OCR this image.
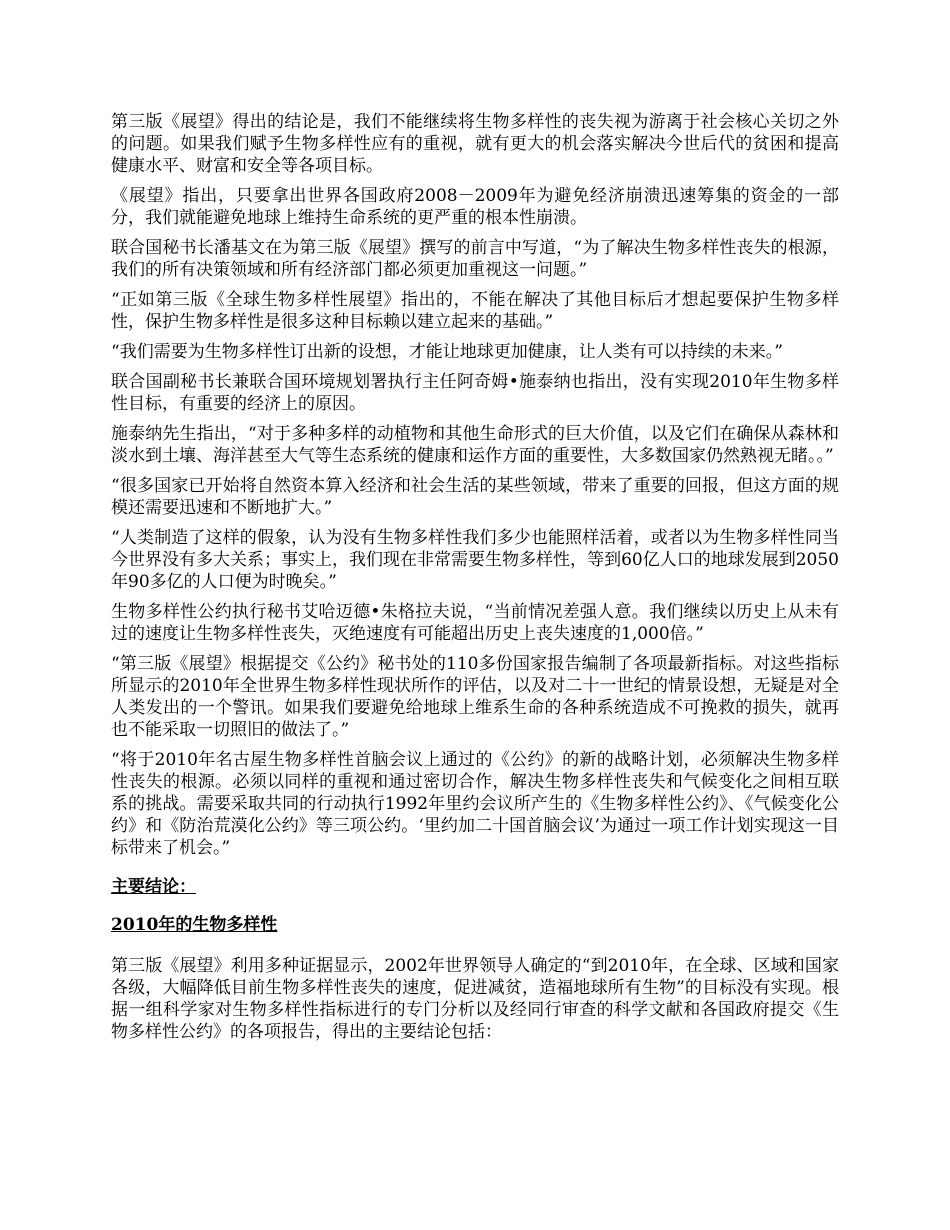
第三版《展望》得出的结论是，我们不能继续将生物多样性的丧失视为游离于社会核心关切之外的问题。如果我们赋予生物多样性应有的重视，就有更大的机会落实解决今世后代的贫困和提高健康水平、财富和安全等各项目标。

《展望》指出，只要拿出世界各国政府2008－2009年为避免经济崩溃迅速筹集的资金的一部分，我们就能避免地球上维持生命系统的更严重的根本性崩溃。

联合国秘书长潘基文在为第三版《展望》撰写的前言中写道，“为了解决生物多样性丧失的根源，我们的所有决策领域和所有经济部门都必须更加重视这一问题。”

“正如第三版《全球生物多样性展望》指出的，不能在解决了其他目标后才想起要保护生物多样性，保护生物多样性是很多这种目标赖以建立起来的基础。”

“我们需要为生物多样性订出新的设想，才能让地球更加健康，让人类有可以持续的未来。”

联合国副秘书长兼联合国环境规划署执行主任阿奇姆•施泰纳也指出，没有实现2010年生物多样性目标，有重要的经济上的原因。

施泰纳先生指出，“对于多种多样的动植物和其他生命形式的巨大价值，以及它们在确保从森林和淡水到土壤、海洋甚至大气等生态系统的健康和运作方面的重要性，大多数国家仍然熟视无睹。。”

“很多国家已开始将自然资本算入经济和社会生活的某些领域，带来了重要的回报，但这方面的规模还需要迅速和不断地扩大。”

“人类制造了这样的假象，认为没有生物多样性我们多少也能照样活着，或者以为生物多样性同当今世界没有多大关系；事实上，我们现在非常需要生物多样性，等到60亿人口的地球发展到2050年90多亿的人口便为时晚矣。”

生物多样性公约执行秘书艾哈迈德•朱格拉夫说，“当前情况差强人意。我们继续以历史上从未有过的速度让生物多样性丧失，灭绝速度有可能超出历史上丧失速度的1,000倍。”

“第三版《展望》根据提交《公约》秘书处的110多份国家报告编制了各项最新指标。对这些指标所显示的2010年全世界生物多样性现状所作的评估，以及对二十一世纪的情景设想，无疑是对全人类发出的一个警讯。如果我们要避免给地球上维系生命的各种系统造成不可挽救的损失，就再也不能采取一切照旧的做法了。”

“将于2010年名古屋生物多样性首脑会议上通过的《公约》的新的战略计划，必须解决生物多样性丧失的根源。必须以同样的重视和通过密切合作，解决生物多样性丧失和气候变化之间相互联系的挑战。需要采取共同的行动执行1992年里约会议所产生的《生物多样性公约》、《气候变化公约》和《防治荒漠化公约》等三项公约。‘里约加二十国首脑会议’为通过一项工作计划实现这一目标带来了机会。”

主要结论：

2010年的生物多样性

第三版《展望》利用多种证据显示，2002年世界领导人确定的“到2010年，在全球、区域和国家各级，大幅降低目前生物多样性丧失的速度，促进减贫，造福地球所有生物”的目标没有实现。根据一组科学家对生物多样性指标进行的专门分析以及经同行审查的科学文献和各国政府提交《生物多样性公约》的各项报告，得出的主要结论包括：
